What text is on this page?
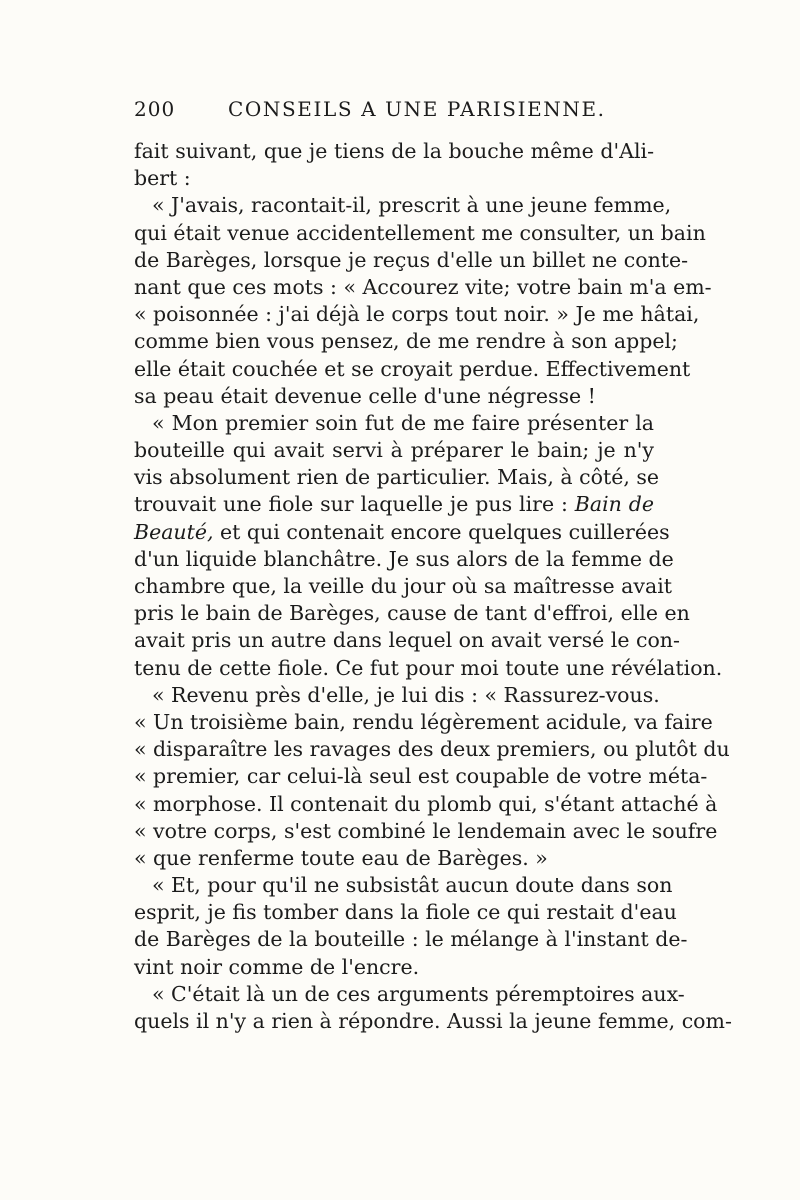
200	CONSEILS A UNE PARISIENNE.
fait suivant, que je tiens de la bouche même d'Ali-
bert :
« J'avais, racontait-il, prescrit à une jeune femme,
qui était venue accidentellement me consulter, un bain
de Barèges, lorsque je reçus d'elle un billet ne conte-
nant que ces mots : « Accourez vite; votre bain m'a em-
« poisonnée : j'ai déjà le corps tout noir. » Je me hâtai,
comme bien vous pensez, de me rendre à son appel;
elle était couchée et se croyait perdue. Effectivement
sa peau était devenue celle d'une négresse !
« Mon premier soin fut de me faire présenter la
bouteille qui avait servi à préparer le bain; je n'y
vis absolument rien de particulier. Mais, à côté, se
trouvait une fiole sur laquelle je pus lire : Bain de
Beauté, et qui contenait encore quelques cuillerées
d'un liquide blanchâtre. Je sus alors de la femme de
chambre que, la veille du jour où sa maîtresse avait
pris le bain de Barèges, cause de tant d'effroi, elle en
avait pris un autre dans lequel on avait versé le con-
tenu de cette fiole. Ce fut pour moi toute une révélation.
« Revenu près d'elle, je lui dis : « Rassurez-vous.
« Un troisième bain, rendu légèrement acidule, va faire
« disparaître les ravages des deux premiers, ou plutôt du
« premier, car celui-là seul est coupable de votre méta-
« morphose. Il contenait du plomb qui, s'étant attaché à
« votre corps, s'est combiné le lendemain avec le soufre
« que renferme toute eau de Barèges. »
« Et, pour qu'il ne subsistât aucun doute dans son
esprit, je fis tomber dans la fiole ce qui restait d'eau
de Barèges de la bouteille : le mélange à l'instant de-
vint noir comme de l'encre.
« C'était là un de ces arguments péremptoires aux-
quels il n'y a rien à répondre. Aussi la jeune femme, com-
